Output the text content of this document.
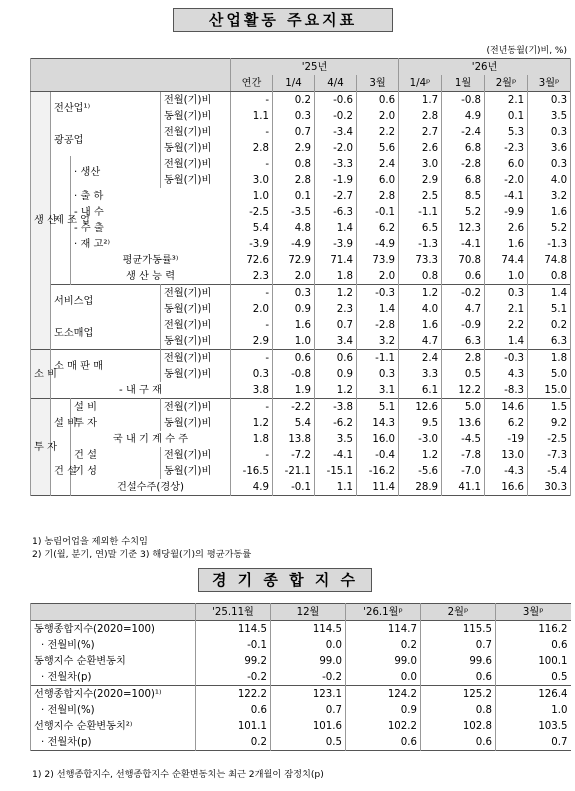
산업활동 주요지표
(전년동월(기)비, %)
				'25년				'26년			
				연간	1/4	4/4	3월	1/4ᵖ	1월	2월ᵖ	3월ᵖ
생 산	전산업¹⁾		전월(기)비	-	0.2	-0.6	0.6	1.7	-0.8	2.1	0.3
			동월(기)비	1.1	0.3	-0.2	2.0	2.8	4.9	0.1	3.5
	광공업		전월(기)비	-	0.7	-3.4	2.2	2.7	-2.4	5.3	0.3
			동월(기)비	2.8	2.9	-2.0	5.6	2.6	6.8	-2.3	3.6
	제 조 업	· 생산	전월(기)비	-	0.8	-3.3	2.4	3.0	-2.8	6.0	0.3
			동월(기)비	3.0	2.8	-1.9	6.0	2.9	6.8	-2.0	4.0
		· 출 하		1.0	0.1	-2.7	2.8	2.5	8.5	-4.1	3.2
		- 내 수		-2.5	-3.5	-6.3	-0.1	-1.1	5.2	-9.9	1.6
		- 수 출		5.4	4.8	1.4	6.2	6.5	12.3	2.6	5.2
		· 재 고²⁾		-3.9	-4.9	-3.9	-4.9	-1.3	-4.1	1.6	-1.3
		평균가동률³⁾		72.6	72.9	71.4	73.9	73.3	70.8	74.4	74.8
		생 산 능 력		2.3	2.0	1.8	2.0	0.8	0.6	1.0	0.8
	서비스업		전월(기)비	-	0.3	1.2	-0.3	1.2	-0.2	0.3	1.4
			동월(기)비	2.0	0.9	2.3	1.4	4.0	4.7	2.1	5.1
	도소매업		전월(기)비	-	1.6	0.7	-2.8	1.6	-0.9	2.2	0.2
			동월(기)비	2.9	1.0	3.4	3.2	4.7	6.3	1.4	6.3
소 비	소 매 판 매		전월(기)비	-	0.6	0.6	-1.1	2.4	2.8	-0.3	1.8
			동월(기)비	0.3	-0.8	0.9	0.3	3.3	0.5	4.3	5.0
	- 내 구 재			3.8	1.9	1.2	3.1	6.1	12.2	-8.3	15.0
투 자	설 비	설 비	전월(기)비	-	-2.2	-3.8	5.1	12.6	5.0	14.6	1.5
		투 자	동월(기)비	1.2	5.4	-6.2	14.3	9.5	13.6	6.2	9.2
		국 내 기 계 수 주		1.8	13.8	3.5	16.0	-3.0	-4.5	-19	-2.5
	건 설	건 설	전월(기)비	-	-7.2	-4.1	-0.4	1.2	-7.8	13.0	-7.3
		기 성	동월(기)비	-16.5	-21.1	-15.1	-16.2	-5.6	-7.0	-4.3	-5.4
		건설수주(경상)		4.9	-0.1	1.1	11.4	28.9	41.1	16.6	30.3
1) 농림어업을 제외한 수치임
2) 기(월, 분기, 연)말 기준 3) 해당월(기)의 평균가동률
경 기 종 합 지 수
	'25.11월	12월	'26.1월ᵖ	2월ᵖ	3월ᵖ
동행종합지수(2020=100)	114.5	114.5	114.7	115.5	116.2
· 전월비(%)	-0.1	0.0	0.2	0.7	0.6
동행지수 순환변동치	99.2	99.0	99.0	99.6	100.1
· 전월차(p)	-0.2	-0.2	0.0	0.6	0.5
선행종합지수(2020=100)¹⁾	122.2	123.1	124.2	125.2	126.4
· 전월비(%)	0.6	0.7	0.9	0.8	1.0
선행지수 순환변동치²⁾	101.1	101.6	102.2	102.8	103.5
· 전월차(p)	0.2	0.5	0.6	0.6	0.7
1) 2) 선행종합지수, 선행종합지수 순환변동치는 최근 2개월이 잠정치(p)
